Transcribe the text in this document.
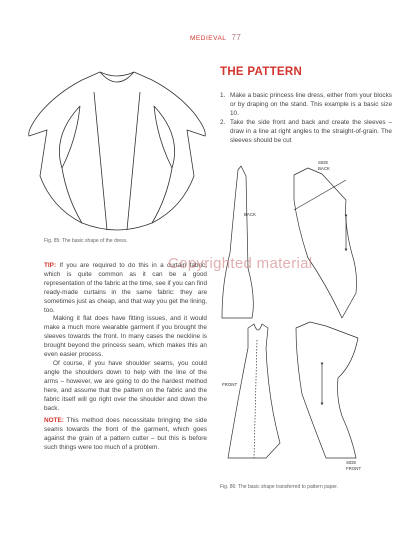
MEDIEVAL 77
Fig. 85: The basic shape of the dress.
THE PATTERN
1. Make a basic princess line dress, either from your blocks or by draping on the stand. This example is a basic size 10.
2. Take the side front and back and create the sleeves – draw in a line at right angles to the straight-of-grain. The sleeves should be cut

TIP: If you are required to do this in a curtain fabric, which is quite common as it can be a good representation of the fabric at the time, see if you can find ready-made curtains in the same fabric: they are sometimes just as cheap, and that way you get the lining, too.

Making it flat does have fitting issues, and it would make a much more wearable garment if you brought the sleeves towards the front. In many cases the neckline is brought beyond the princess seam, which makes this an even easier process.

Of course, if you have shoulder seams, you could angle the shoulders down to help with the line of the arms – however, we are going to do the hardest method here, and assume that the pattern on the fabric and the fabric itself will go right over the shoulder and down the back.

NOTE: This method does necessitate bringing the side seams towards the front of the garment, which goes against the grain of a pattern cutter – but this is before such things were too much of a problem.

SIDE
BACK
BACK
FRONT
SIDE
FRONT
Fig. 86: The basic shape transferred to pattern paper.
Copyrighted material
